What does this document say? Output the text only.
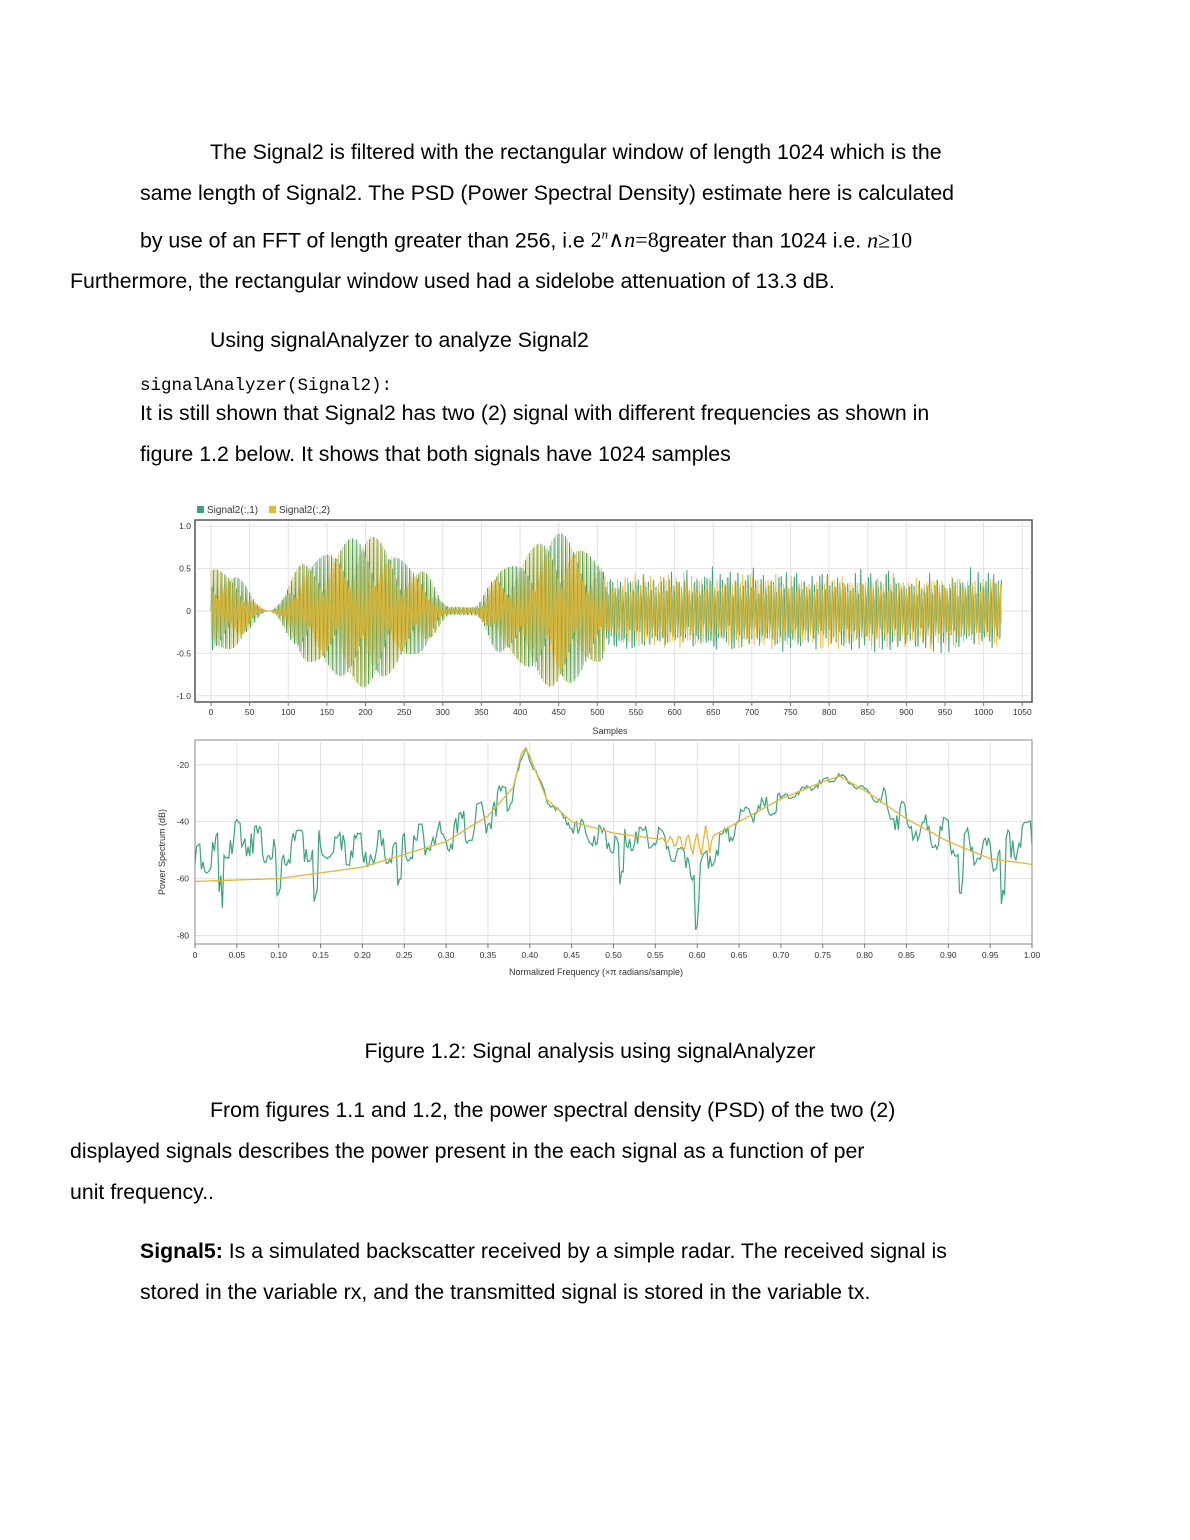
The Signal2 is filtered with the rectangular window of length 1024 which is the
same length of Signal2. The PSD (Power Spectral Density) estimate here is calculated
by use of an FFT of length greater than 256, i.e $2^n\wedge n=8greater$ than 1024 i.e. n≥10
Furthermore, the rectangular window used had a sidelobe attenuation of 13.3 dB.

Using signalAnalyzer to analyze Signal2

signalAnalyzer(Signal2):

It is still shown that Signal2 has two (2) signal with different frequencies as shown in
figure 1.2 below. It shows that both signals have 1024 samples

Signal2(:,1) Signal2(:,2)
0	50	100	150	200	250	300	350	400	450	500	550	600	650	700	750	800	850	900	950	1000 1050
1.0
0.5
0
-0.5
-1.0
Samples
0	0.05	0.10	0.15	0.20	0.25	0.30	0.35	0.40	0.45	0.50	0.55	0.60	0.65	0.70	0.75	0.80	0.85	0.90	0.95	1.00
-20
-40
-60
-80
Normalized Frequency (×π radians/sample)
Power Spectrum (dB)

Figure 1.2: Signal analysis using signalAnalyzer

From figures 1.1 and 1.2, the power spectral density (PSD) of the two (2)
displayed signals describes the power present in the each signal as a function of per
unit frequency..

Signal5: Is a simulated backscatter received by a simple radar. The received signal is
stored in the variable rx, and the transmitted signal is stored in the variable tx.
